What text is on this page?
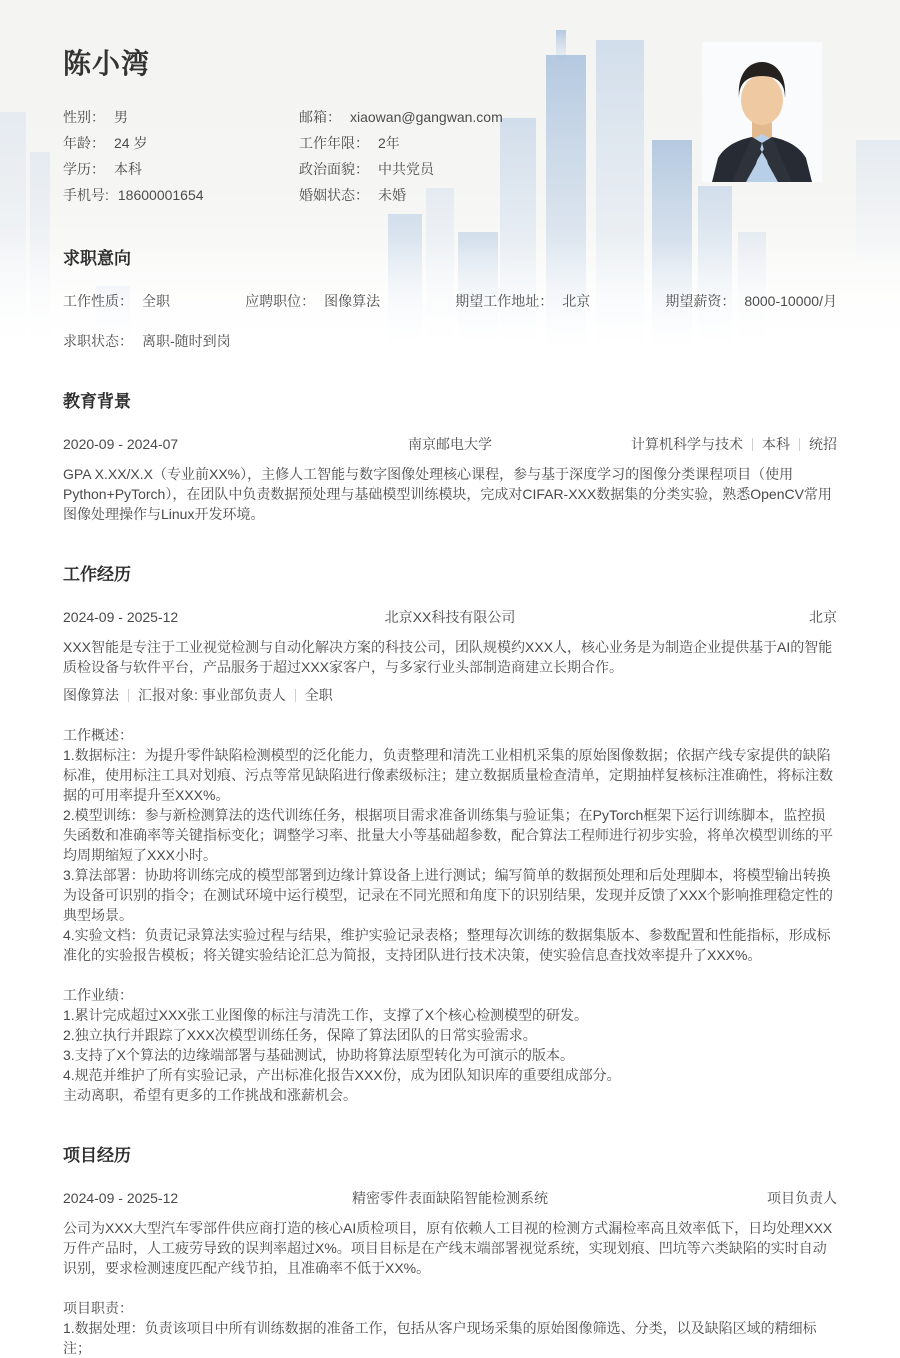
陈小湾
性别： 男	邮箱： xiaowan@gangwan.com
年龄： 24 岁	工作年限： 2年
学历： 本科	政治面貌： 中共党员
手机号: 18600001654	婚姻状态： 未婚
求职意向
工作性质： 全职	应聘职位： 图像算法	期望工作地址： 北京	期望薪资： 8000-10000/月
求职状态： 离职-随时到岗
教育背景
2020-09 - 2024-07	南京邮电大学	计算机科学与技术 本科 统招

GPA X.XX/X.X（专业前XX%），主修人工智能与数字图像处理核心课程，参与基于深度学习的图像分类课程项目（使用Python+PyTorch），在团队中负责数据预处理与基础模型训练模块，完成对CIFAR-XXX数据集的分类实验，熟悉OpenCV常用图像处理操作与Linux开发环境。

工作经历
2024-09 - 2025-12	北京XX科技有限公司	北京

XXX智能是专注于工业视觉检测与自动化解决方案的科技公司，团队规模约XXX人，核心业务是为制造企业提供基于AI的智能质检设备与软件平台，产品服务于超过XXX家客户，与多家行业头部制造商建立长期合作。

图像算法 汇报对象: 事业部负责人 全职

工作概述：

1.数据标注：为提升零件缺陷检测模型的泛化能力，负责整理和清洗工业相机采集的原始图像数据；依据产线专家提供的缺陷标准，使用标注工具对划痕、污点等常见缺陷进行像素级标注；建立数据质量检查清单，定期抽样复核标注准确性，将标注数据的可用率提升至XXX%。

2.模型训练：参与新检测算法的迭代训练任务，根据项目需求准备训练集与验证集；在PyTorch框架下运行训练脚本，监控损失函数和准确率等关键指标变化；调整学习率、批量大小等基础超参数，配合算法工程师进行初步实验，将单次模型训练的平均周期缩短了XXX小时。

3.算法部署：协助将训练完成的模型部署到边缘计算设备上进行测试；编写简单的数据预处理和后处理脚本，将模型输出转换为设备可识别的指令；在测试环境中运行模型，记录在不同光照和角度下的识别结果，发现并反馈了XXX个影响推理稳定性的典型场景。

4.实验文档：负责记录算法实验过程与结果，维护实验记录表格；整理每次训练的数据集版本、参数配置和性能指标，形成标准化的实验报告模板；将关键实验结论汇总为简报，支持团队进行技术决策，使实验信息查找效率提升了XXX%。

工作业绩：

1.累计完成超过XXX张工业图像的标注与清洗工作，支撑了X个核心检测模型的研发。

2.独立执行并跟踪了XXX次模型训练任务，保障了算法团队的日常实验需求。

3.支持了X个算法的边缘端部署与基础测试，协助将算法原型转化为可演示的版本。

4.规范并维护了所有实验记录，产出标准化报告XXX份，成为团队知识库的重要组成部分。

主动离职，希望有更多的工作挑战和涨薪机会。

项目经历
2024-09 - 2025-12	精密零件表面缺陷智能检测系统	项目负责人

公司为XXX大型汽车零部件供应商打造的核心AI质检项目，原有依赖人工目视的检测方式漏检率高且效率低下，日均处理XXX万件产品时，人工疲劳导致的误判率超过X%。项目目标是在产线末端部署视觉系统，实现划痕、凹坑等六类缺陷的实时自动识别，要求检测速度匹配产线节拍，且准确率不低于XX%。

项目职责：

1.数据处理：负责该项目中所有训练数据的准备工作，包括从客户现场采集的原始图像筛选、分类，以及缺陷区域的精细标注；
